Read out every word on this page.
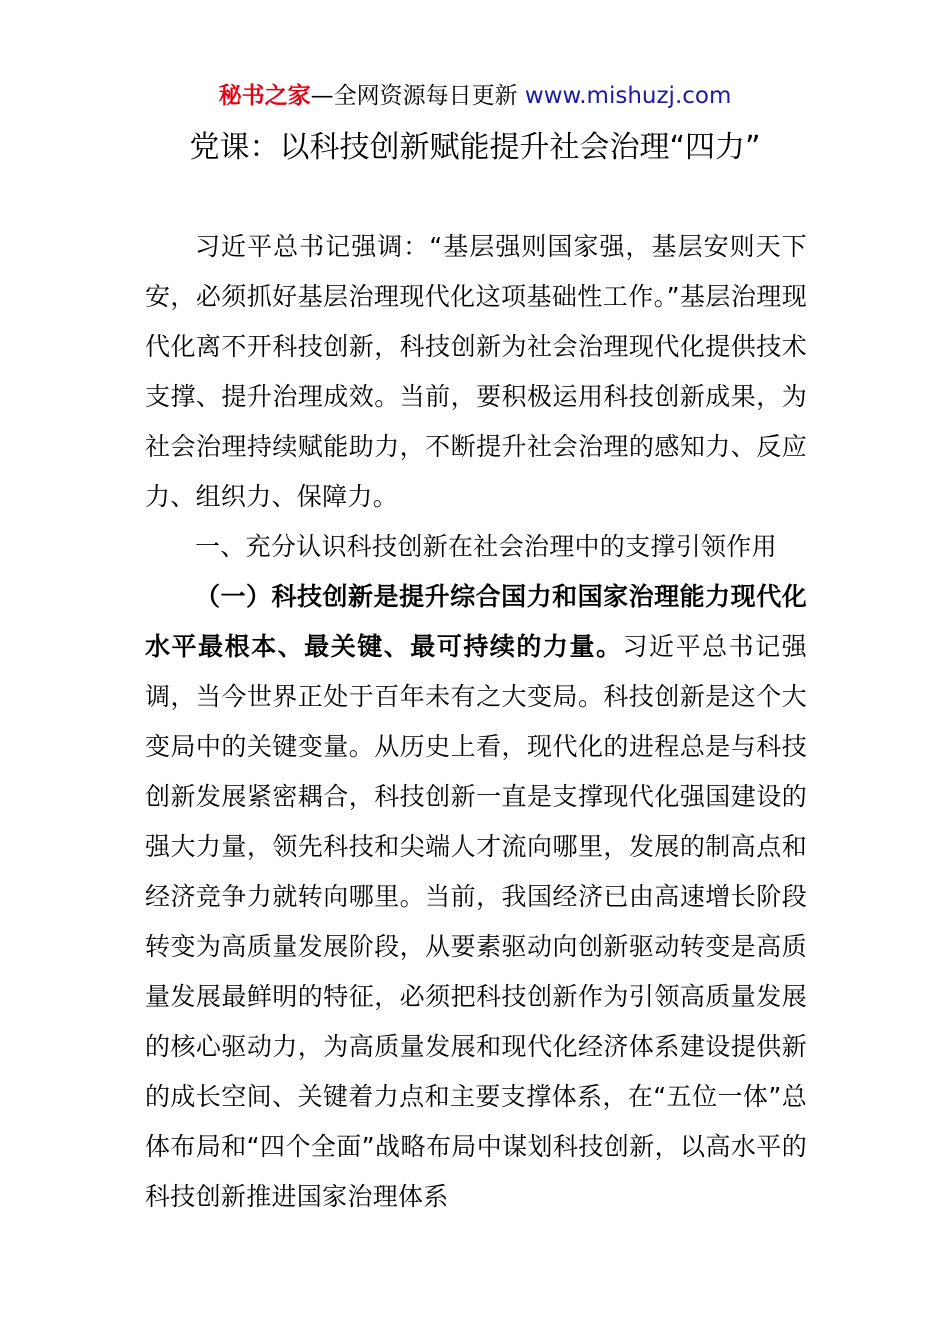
秘书之家—全网资源每日更新 www.mishuzj.com
党课：以科技创新赋能提升社会治理“四力”

习近平总书记强调：“基层强则国家强，基层安则天下安，必须抓好基层治理现代化这项基础性工作。”基层治理现代化离不开科技创新，科技创新为社会治理现代化提供技术支撑、提升治理成效。当前，要积极运用科技创新成果，为社会治理持续赋能助力，不断提升社会治理的感知力、反应力、组织力、保障力。

一、充分认识科技创新在社会治理中的支撑引领作用

（一）科技创新是提升综合国力和国家治理能力现代化水平最根本、最关键、最可持续的力量。习近平总书记强调，当今世界正处于百年未有之大变局。科技创新是这个大变局中的关键变量。从历史上看，现代化的进程总是与科技创新发展紧密耦合，科技创新一直是支撑现代化强国建设的强大力量，领先科技和尖端人才流向哪里，发展的制高点和经济竞争力就转向哪里。当前，我国经济已由高速增长阶段转变为高质量发展阶段，从要素驱动向创新驱动转变是高质量发展最鲜明的特征，必须把科技创新作为引领高质量发展的核心驱动力，为高质量发展和现代化经济体系建设提供新的成长空间、关键着力点和主要支撑体系，在“五位一体”总体布局和“四个全面”战略布局中谋划科技创新，以高水平的科技创新推进国家治理体系
